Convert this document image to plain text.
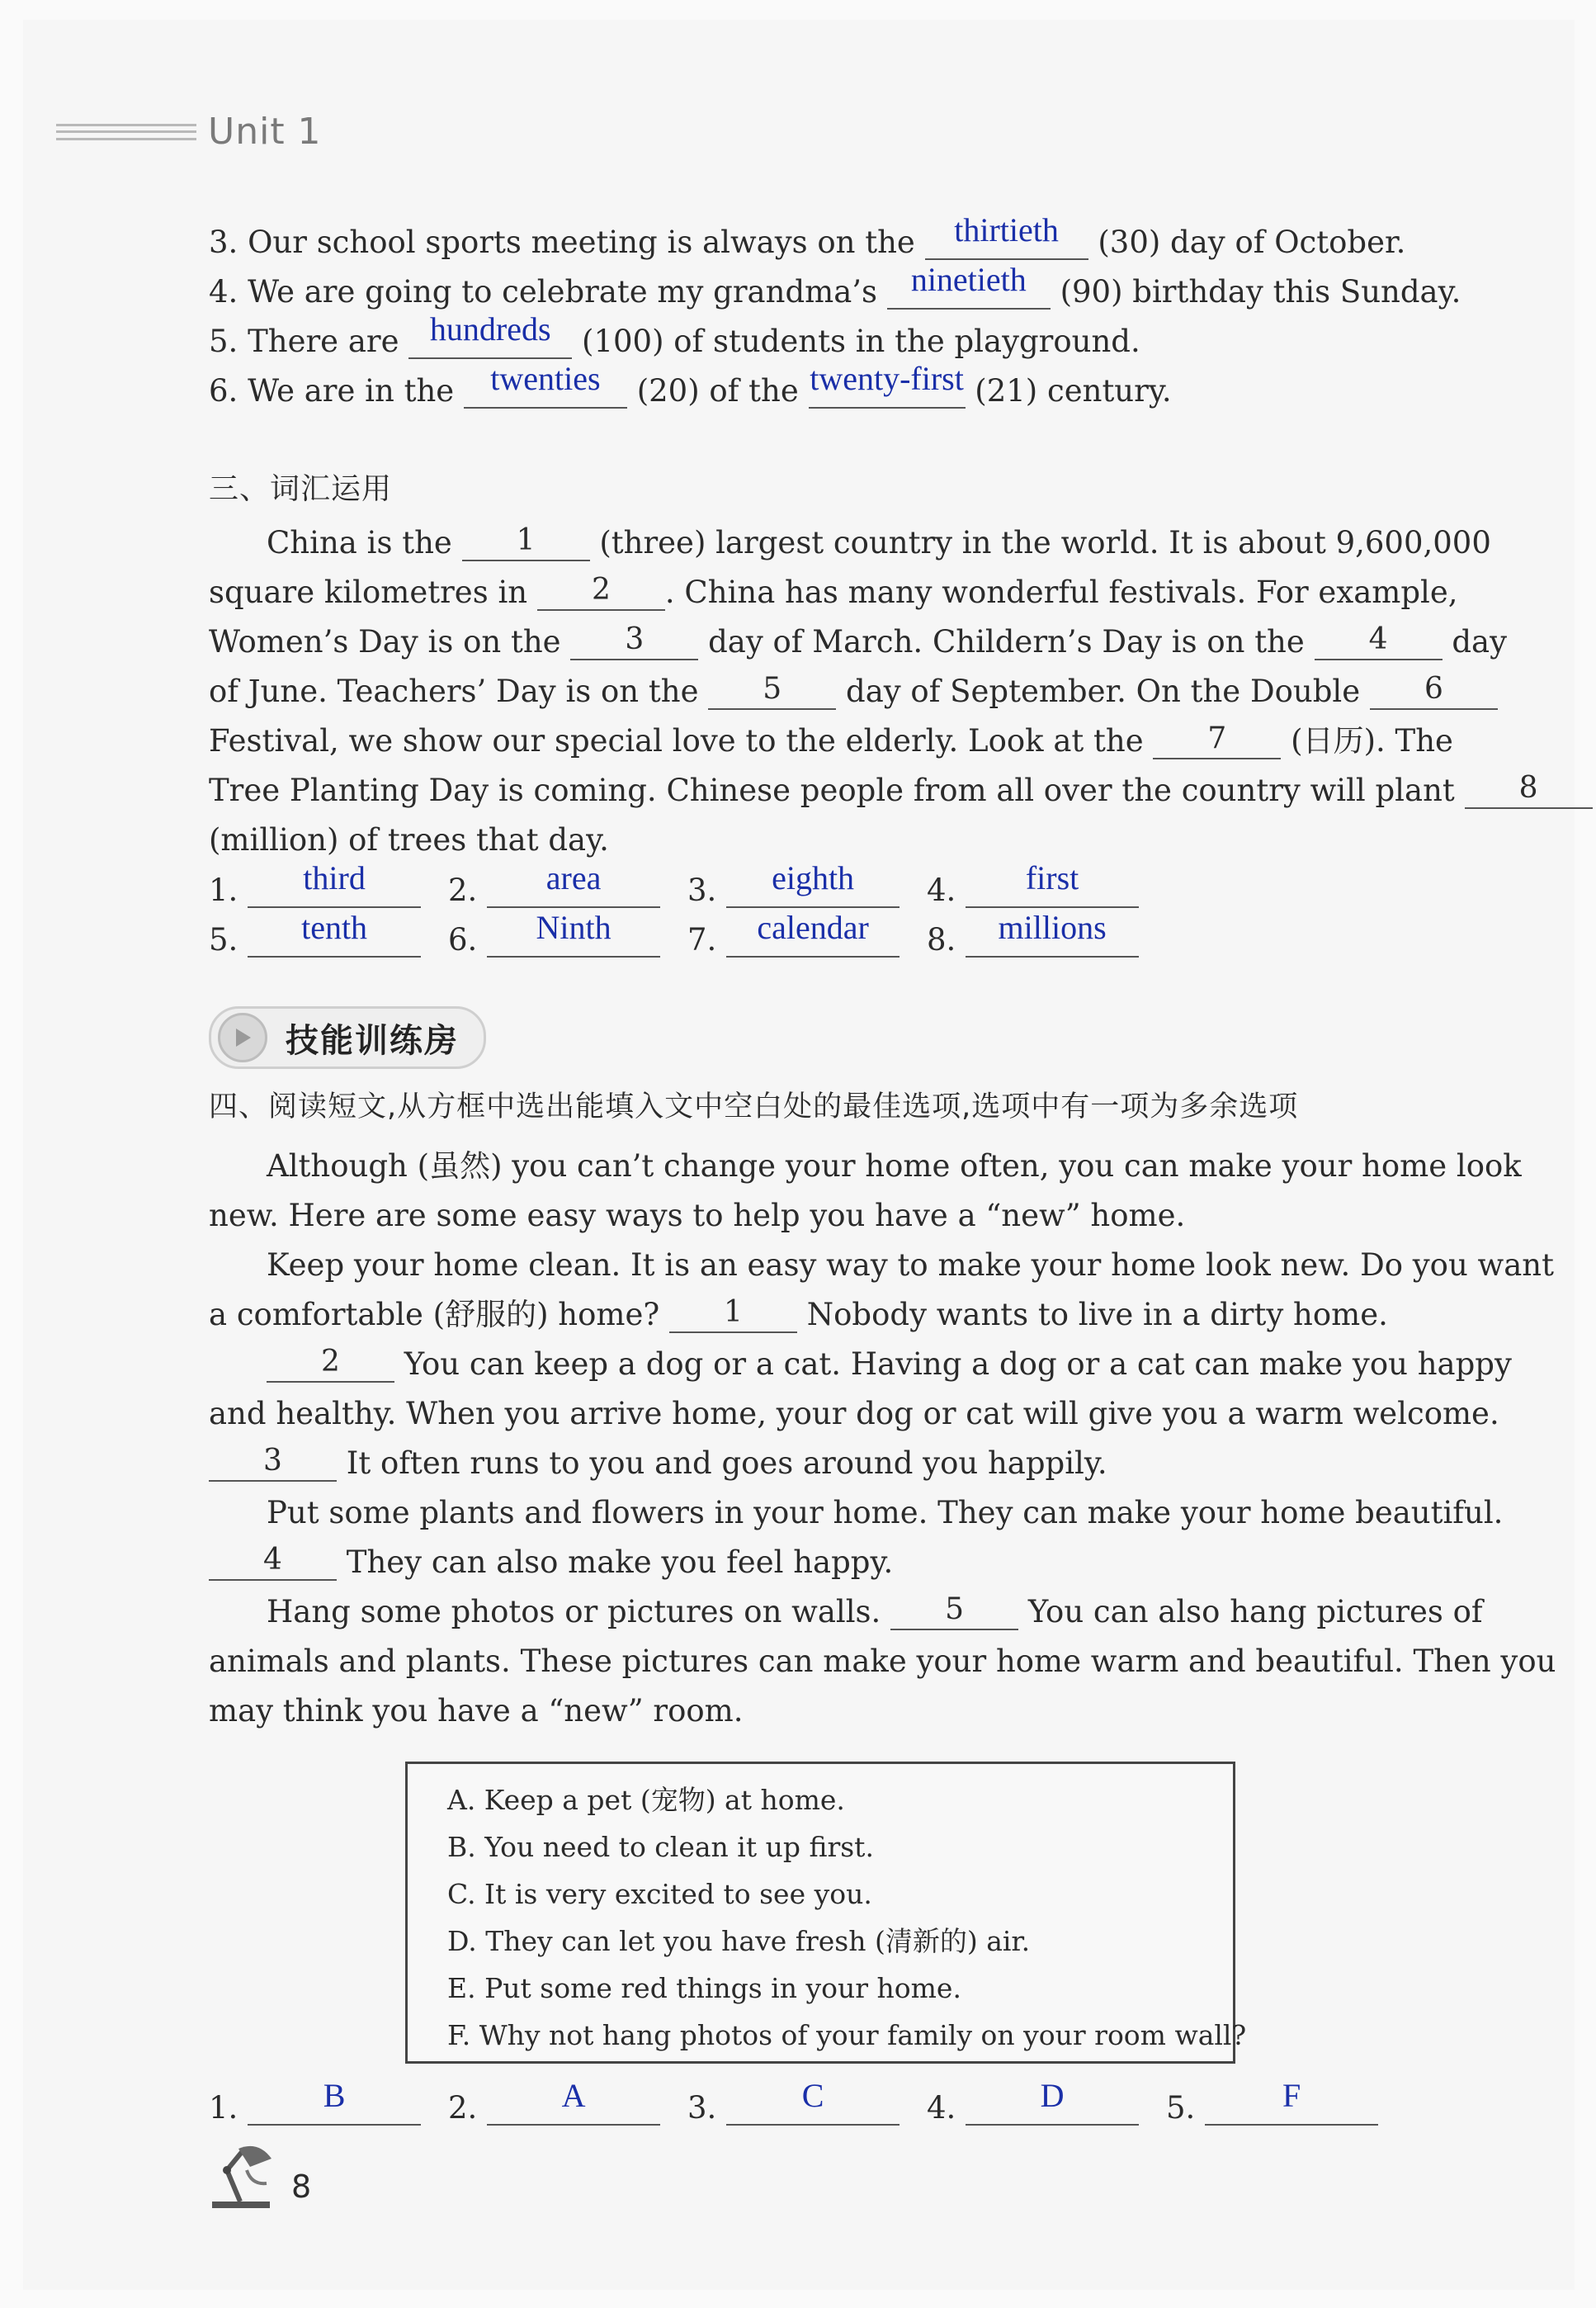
Unit 1
3. Our school sports meeting is always on the thirtieth (30) day of October.
4. We are going to celebrate my grandma’s ninetieth (90) birthday this Sunday.
5. There are hundreds (100) of students in the playground.
6. We are in the twenties (20) of the twenty-first (21) century.
三、词汇运用
China is the 1 (three) largest country in the world. It is about 9,600,000
square kilometres in 2 . China has many wonderful festivals. For example,
Women’s Day is on the 3 day of March. Childern’s Day is on the 4 day
of June. Teachers’ Day is on the 5 day of September. On the Double 6
Festival, we show our special love to the elderly. Look at the 7 (日历). The
Tree Planting Day is coming. Chinese people from all over the country will plant 8
(million) of trees that day.
1. third	2. area	3. eighth	4. first
5. tenth	6. Ninth	7. calendar	8. millions
技能训练房
四、阅读短文,从方框中选出能填入文中空白处的最佳选项,选项中有一项为多余选项
Although (虽然) you can’t change your home often, you can make your home look
new. Here are some easy ways to help you have a “new” home.
Keep your home clean. It is an easy way to make your home look new. Do you want
a comfortable (舒服的) home? 1 Nobody wants to live in a dirty home.
2 You can keep a dog or a cat. Having a dog or a cat can make you happy
and healthy. When you arrive home, your dog or cat will give you a warm welcome.
3 It often runs to you and goes around you happily.
Put some plants and flowers in your home. They can make your home beautiful.
4 They can also make you feel happy.
Hang some photos or pictures on walls. 5 You can also hang pictures of
animals and plants. These pictures can make your home warm and beautiful. Then you
may think you have a “new” room.
A. Keep a pet (宠物) at home.
B. You need to clean it up first.
C. It is very excited to see you.
D. They can let you have fresh (清新的) air.
E. Put some red things in your home.
F. Why not hang photos of your family on your room wall?
1.	B	2.	A	3.	C	4.	D	5.	F
8
